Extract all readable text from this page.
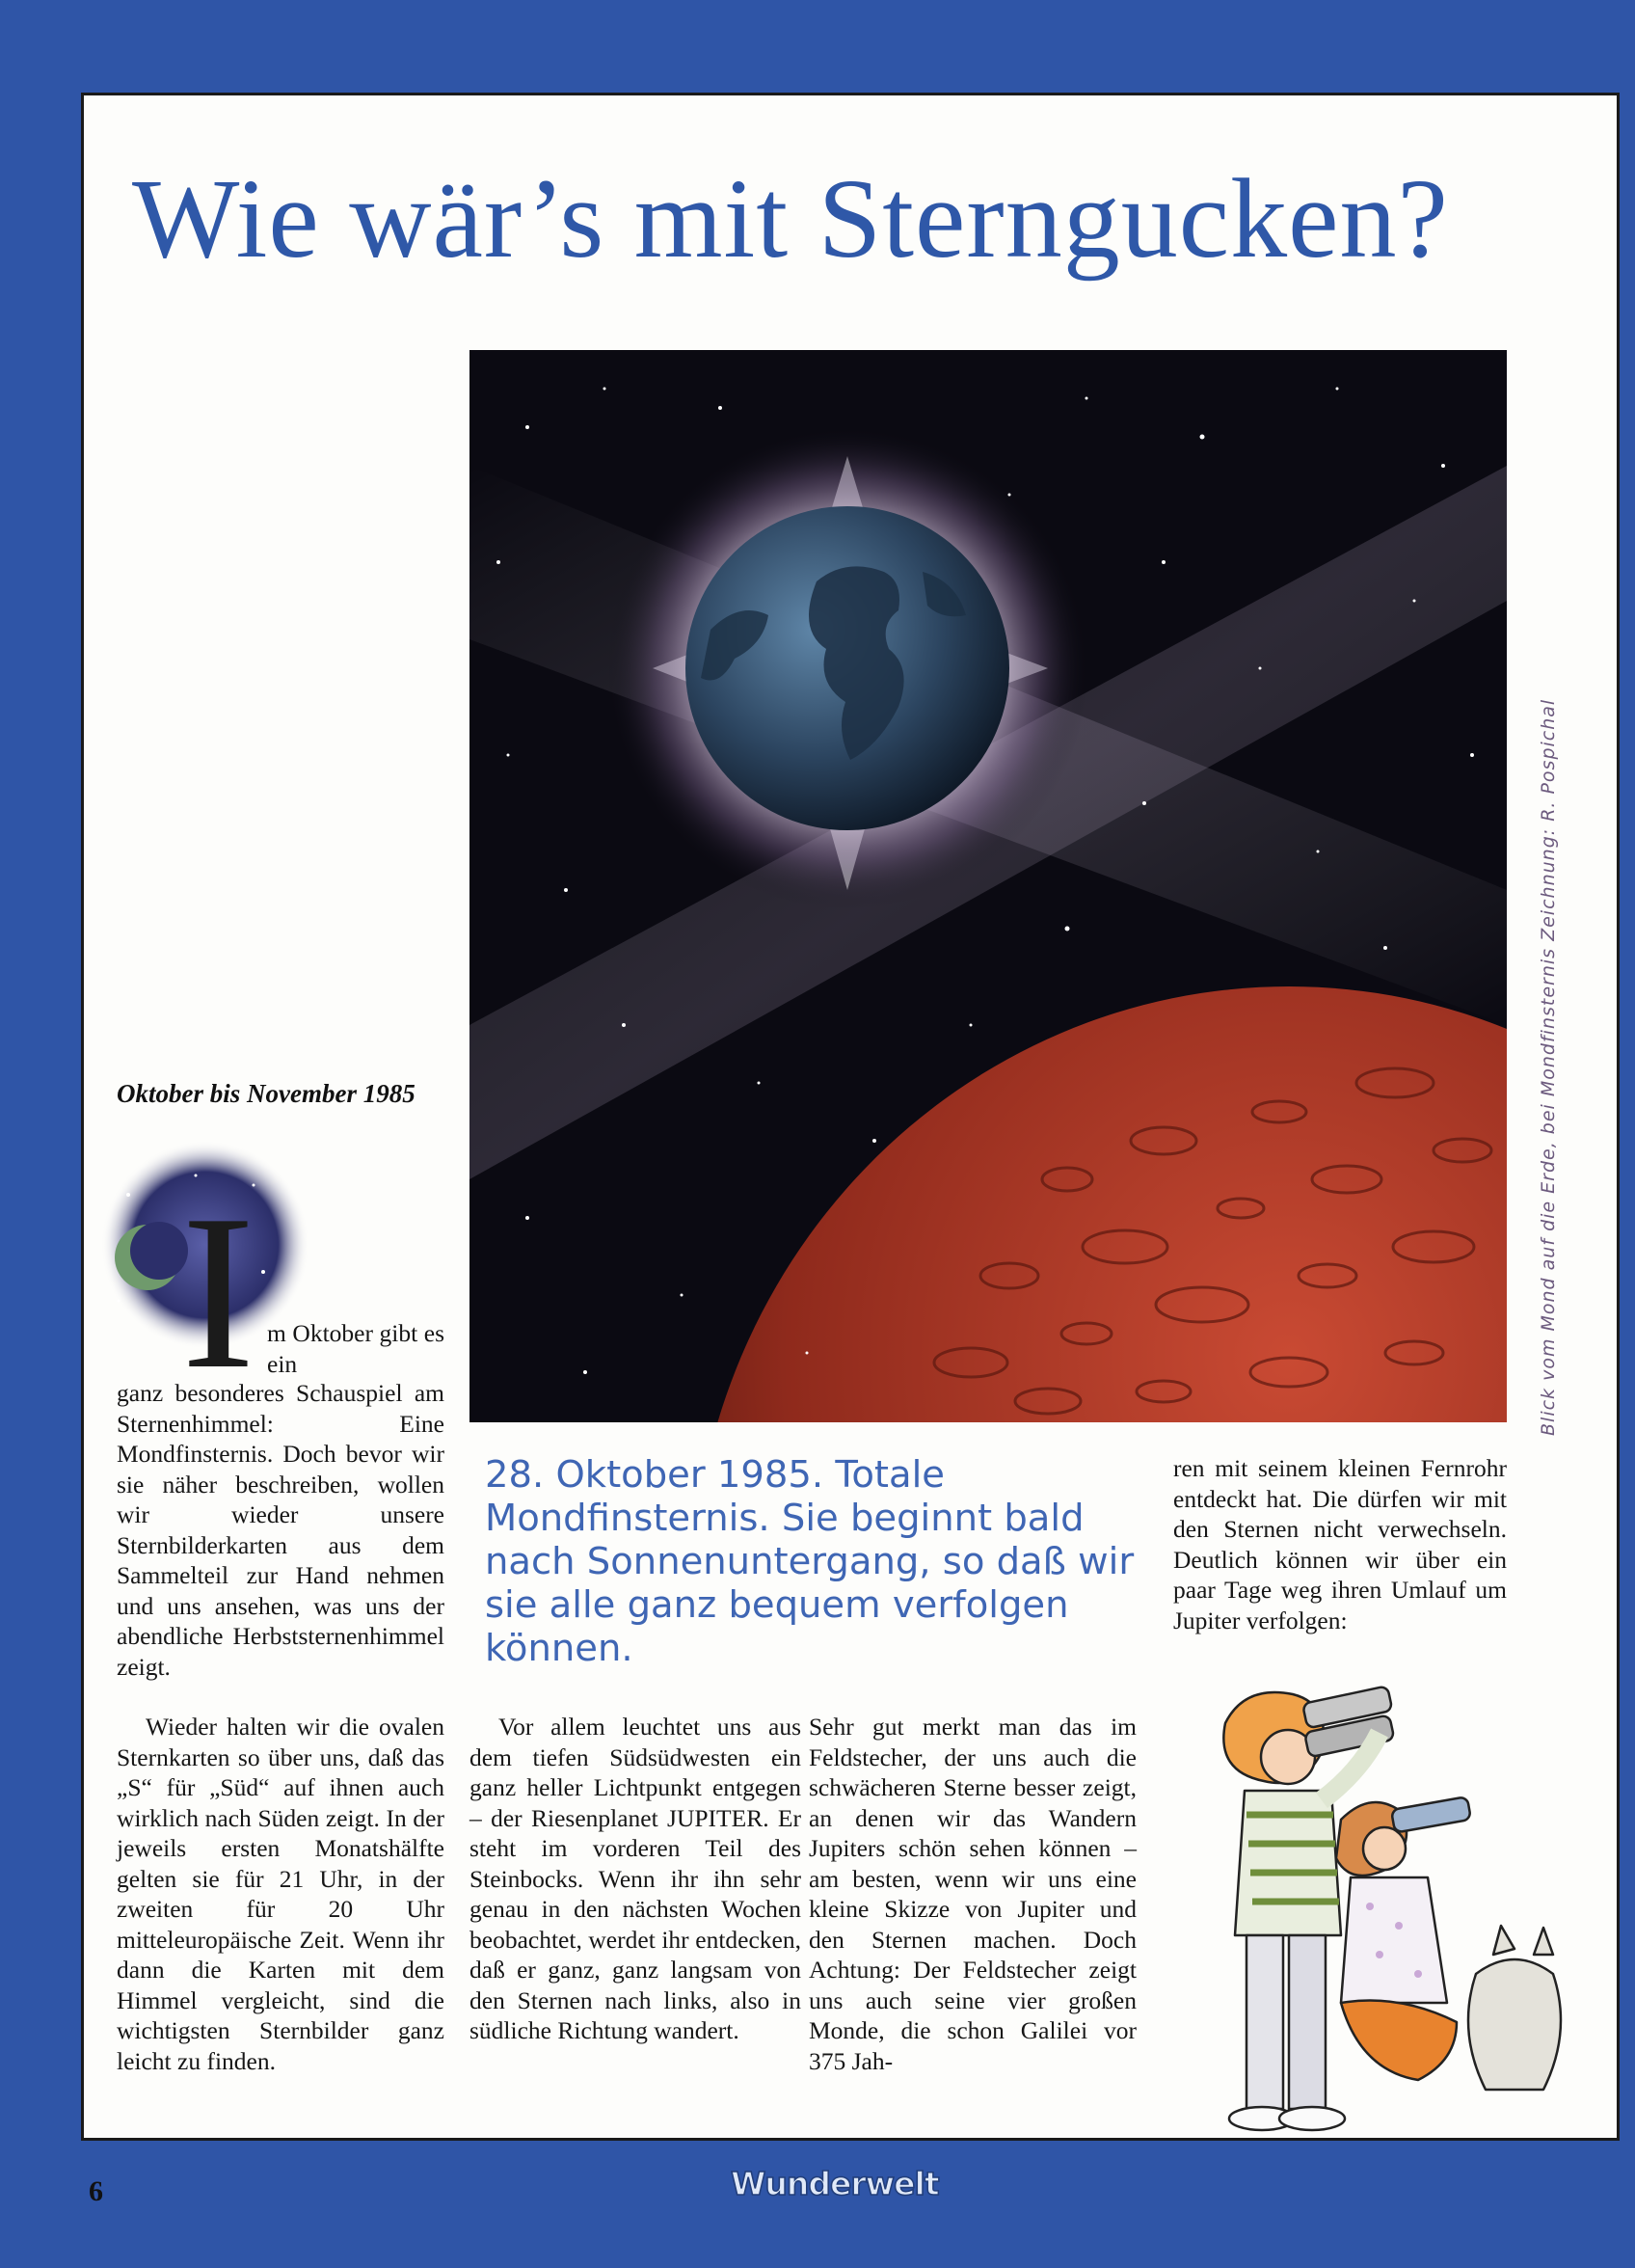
Wie wär’s mit Sterngucken?
Blick vom Mond auf die Erde, bei Mondfinsternis Zeichnung: R. Pospichal
Oktober bis November 1985
I m Oktober gibt es ein

ganz besonderes Schauspiel am Sternenhimmel: Eine Mondfinsternis. Doch bevor wir sie näher beschreiben, wollen wir wieder unsere Sternbilderkarten aus dem Sammelteil zur Hand nehmen und uns ansehen, was uns der abendliche Herbststernenhimmel zeigt.

Wieder halten wir die ovalen Sternkarten so über uns, daß das „S“ für „Süd“ auf ihnen auch wirklich nach Süden zeigt. In der jeweils ersten Monatshälfte gelten sie für 21 Uhr, in der zweiten für 20 Uhr mitteleuropäische Zeit. Wenn ihr dann die Karten mit dem Himmel vergleicht, sind die wichtigsten Sternbilder ganz leicht zu finden.

28. Oktober 1985. Totale Mondfinsternis. Sie beginnt bald nach Sonnenuntergang, so daß wir sie alle ganz bequem verfolgen können.

Vor allem leuchtet uns aus dem tiefen Südsüdwesten ein ganz heller Lichtpunkt entgegen – der Riesenplanet JUPITER. Er steht im vorderen Teil des Steinbocks. Wenn ihr ihn sehr genau in den nächsten Wochen beobachtet, werdet ihr entdecken, daß er ganz, ganz langsam von den Sternen nach links, also in südliche Richtung wandert.

Sehr gut merkt man das im Feldstecher, der uns auch die schwächeren Sterne besser zeigt, an denen wir das Wandern Jupiters schön sehen können – am besten, wenn wir uns eine kleine Skizze von Jupiter und den Sternen machen. Doch Achtung: Der Feldstecher zeigt uns auch seine vier großen Monde, die schon Galilei vor 375 Jah-

ren mit seinem kleinen Fernrohr entdeckt hat. Die dürfen wir mit den Sternen nicht verwechseln. Deutlich können wir über ein paar Tage weg ihren Umlauf um Jupiter verfolgen:

6	Wunderwelt
